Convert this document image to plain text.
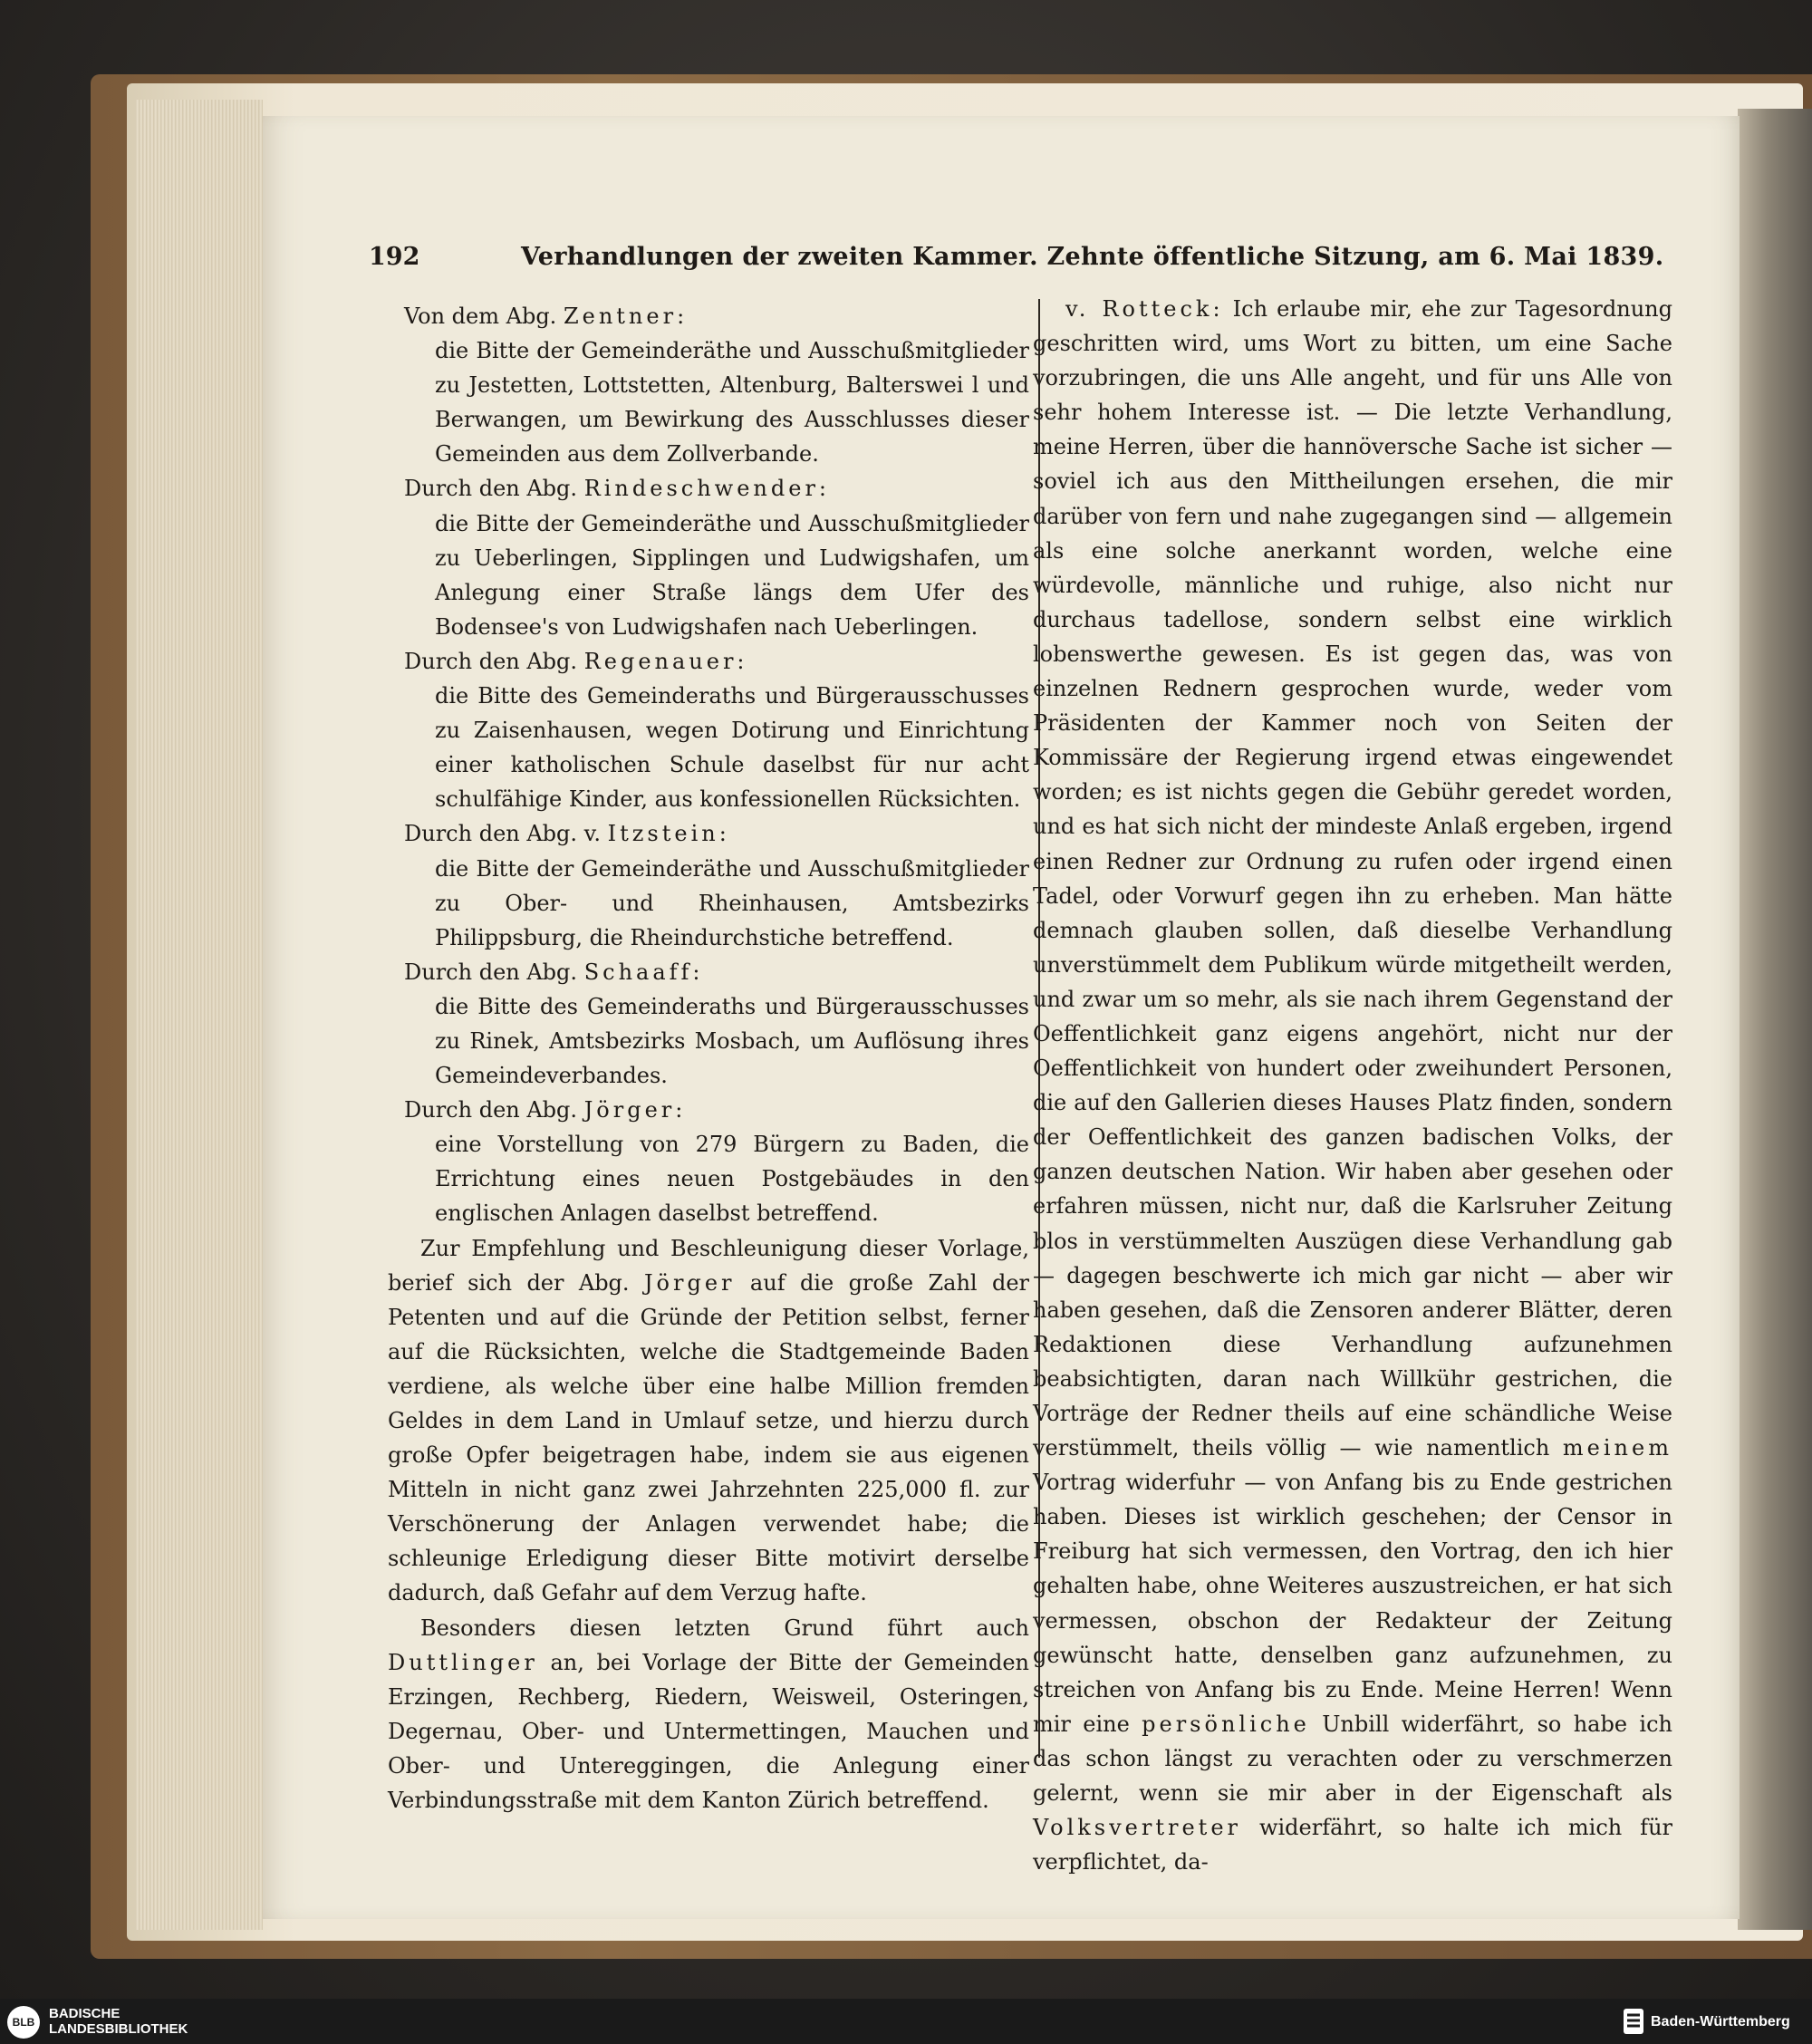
192	Verhandlungen der zweiten Kammer. Zehnte öffentliche Sitzung, am 6. Mai 1839.

Von dem Abg. Zentner:

die Bitte der Gemeinderäthe und Ausschußmitglieder zu Jestetten, Lottstetten, Altenburg, Balterswei l und Berwangen, um Bewirkung des Ausschlusses dieser Gemeinden aus dem Zollverbande.

Durch den Abg. Rindeschwender:

die Bitte der Gemeinderäthe und Ausschußmitglieder zu Ueberlingen, Sipplingen und Ludwigshafen, um Anlegung einer Straße längs dem Ufer des Bodensee's von Ludwigshafen nach Ueberlingen.

Durch den Abg. Regenauer:

die Bitte des Gemeinderaths und Bürgerausschusses zu Zaisenhausen, wegen Dotirung und Einrichtung einer katholischen Schule daselbst für nur acht schulfähige Kinder, aus konfessionellen Rücksichten.

Durch den Abg. v. Itzstein:

die Bitte der Gemeinderäthe und Ausschußmitglieder zu Ober- und Rheinhausen, Amtsbezirks Philippsburg, die Rheindurchstiche betreffend.

Durch den Abg. Schaaff:

die Bitte des Gemeinderaths und Bürgerausschusses zu Rinek, Amtsbezirks Mosbach, um Auflösung ihres Gemeindeverbandes.

Durch den Abg. Jörger:

eine Vorstellung von 279 Bürgern zu Baden, die Errichtung eines neuen Postgebäudes in den englischen Anlagen daselbst betreffend.

Zur Empfehlung und Beschleunigung dieser Vorlage, berief sich der Abg. Jörger auf die große Zahl der Petenten und auf die Gründe der Petition selbst, ferner auf die Rücksichten, welche die Stadtgemeinde Baden verdiene, als welche über eine halbe Million fremden Geldes in dem Land in Umlauf setze, und hierzu durch große Opfer beigetragen habe, indem sie aus eigenen Mitteln in nicht ganz zwei Jahrzehnten 225,000 fl. zur Verschönerung der Anlagen verwendet habe; die schleunige Erledigung dieser Bitte motivirt derselbe dadurch, daß Gefahr auf dem Verzug hafte.

Besonders diesen letzten Grund führt auch Duttlinger an, bei Vorlage der Bitte der Gemeinden Erzingen, Rechberg, Riedern, Weisweil, Osteringen, Degernau, Ober- und Untermettingen, Mauchen und Ober- und Untereggingen, die Anlegung einer Verbindungsstraße mit dem Kanton Zürich betreffend.

v. Rotteck: Ich erlaube mir, ehe zur Tagesordnung geschritten wird, ums Wort zu bitten, um eine Sache vorzubringen, die uns Alle angeht, und für uns Alle von sehr hohem Interesse ist. — Die letzte Verhandlung, meine Herren, über die hannöversche Sache ist sicher — soviel ich aus den Mittheilungen ersehen, die mir darüber von fern und nahe zugegangen sind — allgemein als eine solche anerkannt worden, welche eine würdevolle, männliche und ruhige, also nicht nur durchaus tadellose, sondern selbst eine wirklich lobenswerthe gewesen. Es ist gegen das, was von einzelnen Rednern gesprochen wurde, weder vom Präsidenten der Kammer noch von Seiten der Kommissäre der Regierung irgend etwas eingewendet worden; es ist nichts gegen die Gebühr geredet worden, und es hat sich nicht der mindeste Anlaß ergeben, irgend einen Redner zur Ordnung zu rufen oder irgend einen Tadel, oder Vorwurf gegen ihn zu erheben. Man hätte demnach glauben sollen, daß dieselbe Verhandlung unverstümmelt dem Publikum würde mitgetheilt werden, und zwar um so mehr, als sie nach ihrem Gegenstand der Oeffentlichkeit ganz eigens angehört, nicht nur der Oeffentlichkeit von hundert oder zweihundert Personen, die auf den Gallerien dieses Hauses Platz finden, sondern der Oeffentlichkeit des ganzen badischen Volks, der ganzen deutschen Nation. Wir haben aber gesehen oder erfahren müssen, nicht nur, daß die Karlsruher Zeitung blos in verstümmelten Auszügen diese Verhandlung gab — dagegen beschwerte ich mich gar nicht — aber wir haben gesehen, daß die Zensoren anderer Blätter, deren Redaktionen diese Verhandlung aufzunehmen beabsichtigten, daran nach Willkühr gestrichen, die Vorträge der Redner theils auf eine schändliche Weise verstümmelt, theils völlig — wie namentlich meinem Vortrag widerfuhr — von Anfang bis zu Ende gestrichen haben. Dieses ist wirklich geschehen; der Censor in Freiburg hat sich vermessen, den Vortrag, den ich hier gehalten habe, ohne Weiteres auszustreichen, er hat sich vermessen, obschon der Redakteur der Zeitung gewünscht hatte, denselben ganz aufzunehmen, zu streichen von Anfang bis zu Ende. Meine Herren! Wenn mir eine persönliche Unbill widerfährt, so habe ich das schon längst zu verachten oder zu verschmerzen gelernt, wenn sie mir aber in der Eigenschaft als Volksvertreter widerfährt, so halte ich mich für verpflichtet, da-

BLB
BADISCHE
LANDESBIBLIOTHEK	Baden-Württemberg
